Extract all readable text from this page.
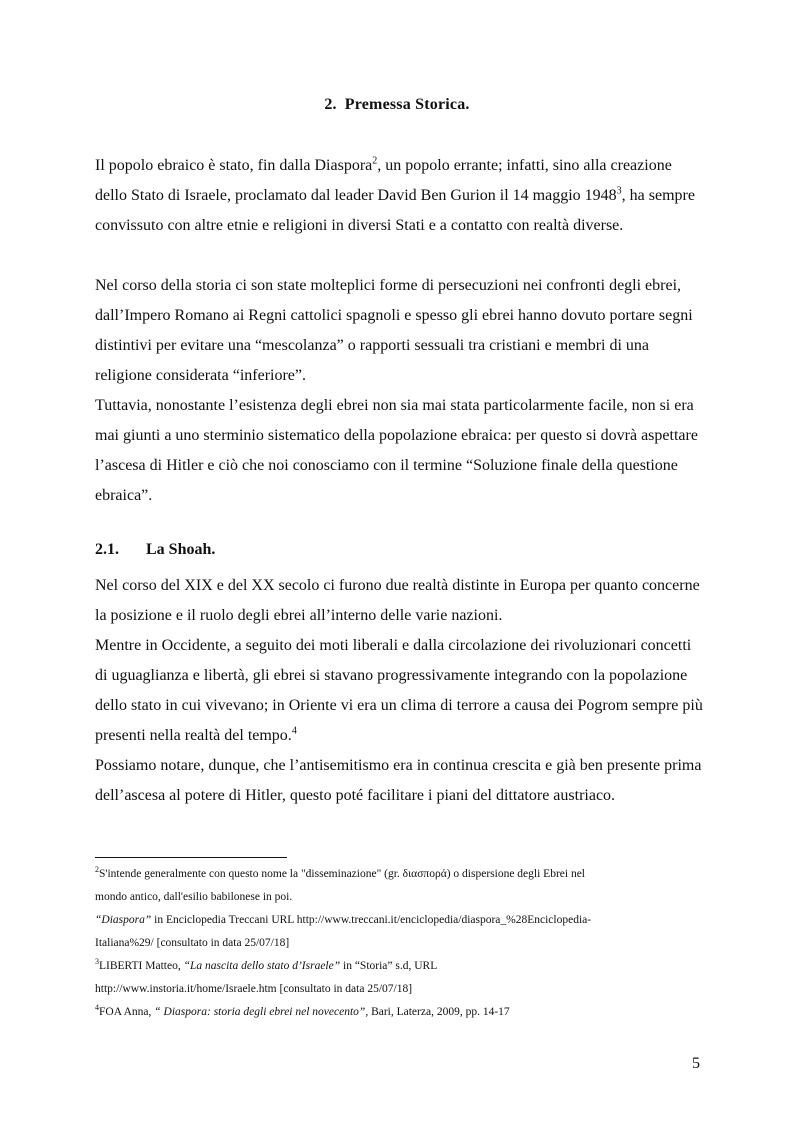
2. Premessa Storica.
Il popolo ebraico è stato, fin dalla Diaspora$^2$, un popolo errante; infatti, sino alla creazione dello Stato di Israele, proclamato dal leader David Ben Gurion il 14 maggio 1948$^3$, ha sempre convissuto con altre etnie e religioni in diversi Stati e a contatto con realtà diverse.
Nel corso della storia ci son state molteplici forme di persecuzioni nei confronti degli ebrei, dall’Impero Romano ai Regni cattolici spagnoli e spesso gli ebrei hanno dovuto portare segni distintivi per evitare una “mescolanza” o rapporti sessuali tra cristiani e membri di una religione considerata “inferiore”.
Tuttavia, nonostante l’esistenza degli ebrei non sia mai stata particolarmente facile, non si era mai giunti a uno sterminio sistematico della popolazione ebraica: per questo si dovrà aspettare l’ascesa di Hitler e ciò che noi conosciamo con il termine “Soluzione finale della questione ebraica”.
2.1. La Shoah.
Nel corso del XIX e del XX secolo ci furono due realtà distinte in Europa per quanto concerne la posizione e il ruolo degli ebrei all’interno delle varie nazioni.
Mentre in Occidente, a seguito dei moti liberali e dalla circolazione dei rivoluzionari concetti di uguaglianza e libertà, gli ebrei si stavano progressivamente integrando con la popolazione dello stato in cui vivevano; in Oriente vi era un clima di terrore a causa dei Pogrom sempre più presenti nella realtà del tempo.$^4$
Possiamo notare, dunque, che l’antisemitismo era in continua crescita e già ben presente prima dell’ascesa al potere di Hitler, questo poté facilitare i piani del dittatore austriaco.
$^2$S'intende generalmente con questo nome la "disseminazione" (gr. διασπορά) o dispersione degli Ebrei nel
mondo antico, dall'esilio babilonese in poi.
“Diaspora” in Enciclopedia Treccani URL http://www.treccani.it/enciclopedia/diaspora_%28Enciclopedia-
Italiana%29/ [consultato in data 25/07/18]
$^3$LIBERTI Matteo, “La nascita dello stato d’Israele” in “Storia” s.d, URL
http://www.instoria.it/home/Israele.htm [consultato in data 25/07/18]
$^4$FOA Anna, “ Diaspora: storia degli ebrei nel novecento”, Bari, Laterza, 2009, pp. 14-17
5
